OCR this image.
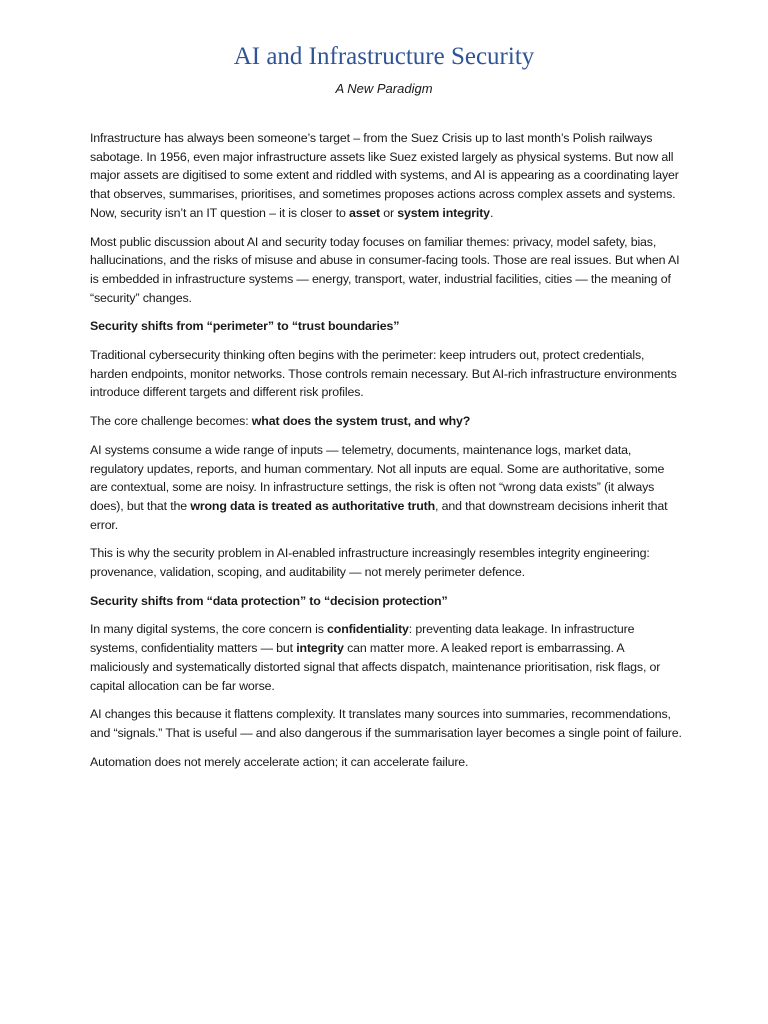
AI and Infrastructure Security
A New Paradigm

Infrastructure has always been someone’s target – from the Suez Crisis up to last month’s Polish railways sabotage. In 1956, even major infrastructure assets like Suez existed largely as physical systems. But now all major assets are digitised to some extent and riddled with systems, and AI is appearing as a coordinating layer that observes, summarises, prioritises, and sometimes proposes actions across complex assets and systems. Now, security isn’t an IT question – it is closer to asset or system integrity.

Most public discussion about AI and security today focuses on familiar themes: privacy, model safety, bias, hallucinations, and the risks of misuse and abuse in consumer-facing tools. Those are real issues. But when AI is embedded in infrastructure systems — energy, transport, water, industrial facilities, cities — the meaning of “security” changes.

Security shifts from “perimeter” to “trust boundaries”

Traditional cybersecurity thinking often begins with the perimeter: keep intruders out, protect credentials, harden endpoints, monitor networks. Those controls remain necessary. But AI-rich infrastructure environments introduce different targets and different risk profiles.

The core challenge becomes: what does the system trust, and why?

AI systems consume a wide range of inputs — telemetry, documents, maintenance logs, market data, regulatory updates, reports, and human commentary. Not all inputs are equal. Some are authoritative, some are contextual, some are noisy. In infrastructure settings, the risk is often not “wrong data exists” (it always does), but that the wrong data is treated as authoritative truth, and that downstream decisions inherit that error.

This is why the security problem in AI-enabled infrastructure increasingly resembles integrity engineering: provenance, validation, scoping, and auditability — not merely perimeter defence.

Security shifts from “data protection” to “decision protection”

In many digital systems, the core concern is confidentiality: preventing data leakage. In infrastructure systems, confidentiality matters — but integrity can matter more. A leaked report is embarrassing. A maliciously and systematically distorted signal that affects dispatch, maintenance prioritisation, risk flags, or capital allocation can be far worse.

AI changes this because it flattens complexity. It translates many sources into summaries, recommendations, and “signals.” That is useful — and also dangerous if the summarisation layer becomes a single point of failure.

Automation does not merely accelerate action; it can accelerate failure.
